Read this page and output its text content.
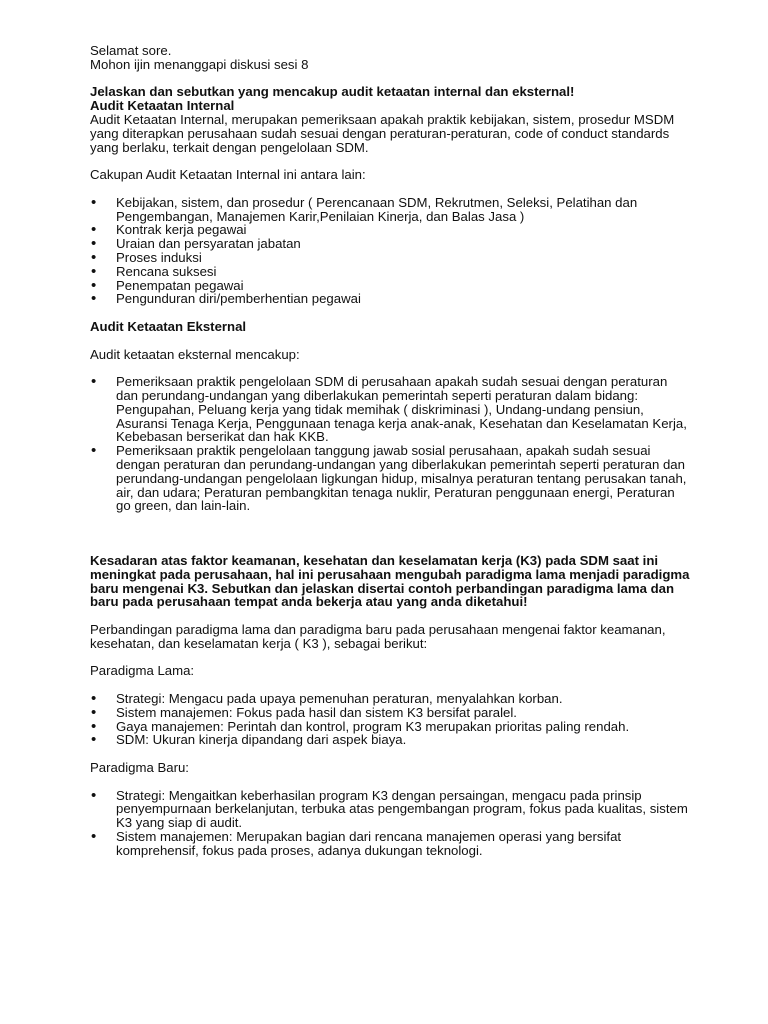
Selamat sore.

Mohon ijin menanggapi diskusi sesi 8

Jelaskan dan sebutkan yang mencakup audit ketaatan internal dan eksternal!

Audit Ketaatan Internal

Audit Ketaatan Internal, merupakan pemeriksaan apakah praktik kebijakan, sistem, prosedur MSDM yang diterapkan perusahaan sudah sesuai dengan peraturan-peraturan, code of conduct standards yang berlaku, terkait dengan pengelolaan SDM.

Cakupan Audit Ketaatan Internal ini antara lain:

• Kebijakan, sistem, dan prosedur ( Perencanaan SDM, Rekrutmen, Seleksi, Pelatihan dan Pengembangan, Manajemen Karir,Penilaian Kinerja, dan Balas Jasa )
• Kontrak kerja pegawai
• Uraian dan persyaratan jabatan
• Proses induksi
• Rencana suksesi
• Penempatan pegawai
• Pengunduran diri/pemberhentian pegawai

Audit Ketaatan Eksternal

Audit ketaatan eksternal mencakup:

• Pemeriksaan praktik pengelolaan SDM di perusahaan apakah sudah sesuai dengan peraturan dan perundang-undangan yang diberlakukan pemerintah seperti peraturan dalam bidang: Pengupahan, Peluang kerja yang tidak memihak ( diskriminasi ), Undang-undang pensiun, Asuransi Tenaga Kerja, Penggunaan tenaga kerja anak-anak, Kesehatan dan Keselamatan Kerja, Kebebasan berserikat dan hak KKB.
• Pemeriksaan praktik pengelolaan tanggung jawab sosial perusahaan, apakah sudah sesuai dengan peraturan dan perundang-undangan yang diberlakukan pemerintah seperti peraturan dan perundang-undangan pengelolaan ligkungan hidup, misalnya peraturan tentang perusakan tanah, air, dan udara; Peraturan pembangkitan tenaga nuklir, Peraturan penggunaan energi, Peraturan go green, dan lain-lain.

Kesadaran atas faktor keamanan, kesehatan dan keselamatan kerja (K3) pada SDM saat ini meningkat pada perusahaan, hal ini perusahaan mengubah paradigma lama menjadi paradigma baru mengenai K3. Sebutkan dan jelaskan disertai contoh perbandingan paradigma lama dan baru pada perusahaan tempat anda bekerja atau yang anda diketahui!

Perbandingan paradigma lama dan paradigma baru pada perusahaan mengenai faktor keamanan, kesehatan, dan keselamatan kerja ( K3 ), sebagai berikut:

Paradigma Lama:

• Strategi: Mengacu pada upaya pemenuhan peraturan, menyalahkan korban.
• Sistem manajemen: Fokus pada hasil dan sistem K3 bersifat paralel.
• Gaya manajemen: Perintah dan kontrol, program K3 merupakan prioritas paling rendah.
• SDM: Ukuran kinerja dipandang dari aspek biaya.

Paradigma Baru:

• Strategi: Mengaitkan keberhasilan program K3 dengan persaingan, mengacu pada prinsip penyempurnaan berkelanjutan, terbuka atas pengembangan program, fokus pada kualitas, sistem K3 yang siap di audit.
• Sistem manajemen: Merupakan bagian dari rencana manajemen operasi yang bersifat komprehensif, fokus pada proses, adanya dukungan teknologi.
